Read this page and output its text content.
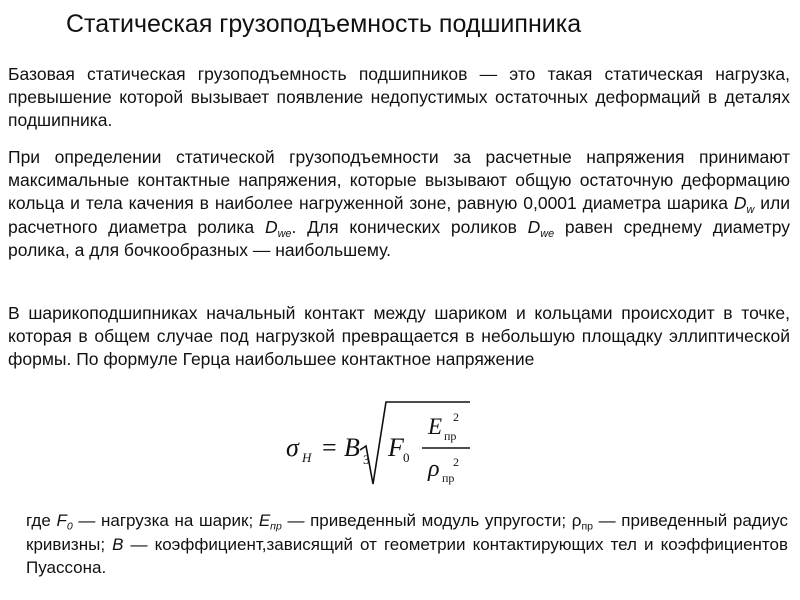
Статическая грузоподъемность подшипника

Базовая статическая грузоподъемность подшипников — это такая статическая нагрузка, превышение которой вызывает появление недопустимых остаточных деформаций в деталях подшипника.

При определении статической грузоподъемности за расчетные напряжения принимают максимальные контактные напряжения, которые вызывают общую остаточную деформацию кольца и тела качения в наиболее нагруженной зоне, равную 0,0001 диаметра шарика $D_w$ или расчетного диаметра ролика $D_{we}$. Для конических роликов $D_{we}$ равен среднему диаметру ролика, а для бочкообразных — наибольшему.

В шарикоподшипниках начальный контакт между шариком и кольцами происходит в точке, которая в общем случае под нагрузкой превращается в небольшую площадку эллиптической формы. По формуле Герца наибольшее контактное напряжение

σ H = B 3 F 0
E пр
2
ρ пр
2

где $F_0$ — нагрузка на шарик; $E_{пр}$ — приведенный модуль упругости; $\rho_{пр}$ — приведенный радиус кривизны; B — коэффициент,зависящий от геометрии контактирующих тел и коэффициентов Пуассона.
